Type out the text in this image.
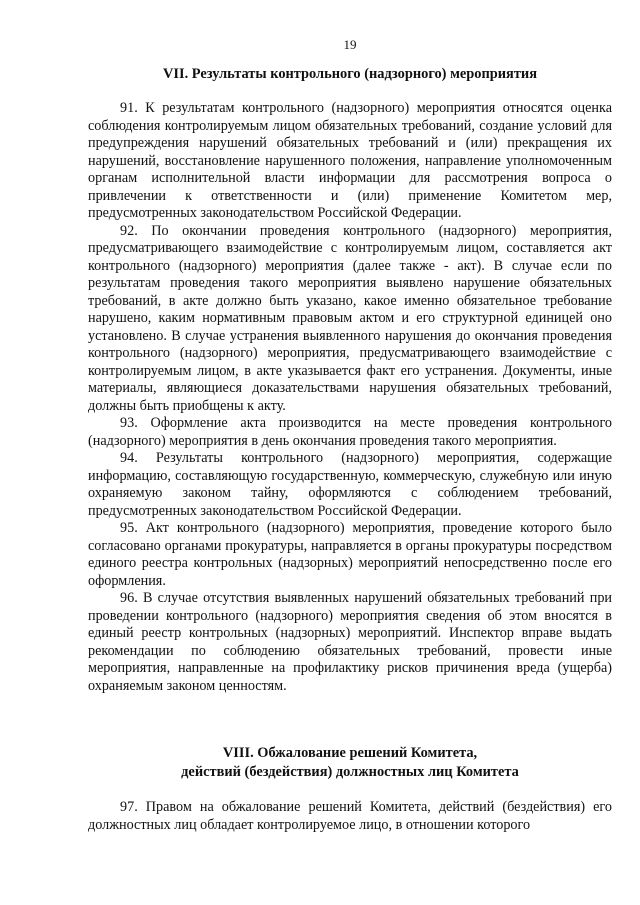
19
VII. Результаты контрольного (надзорного) мероприятия

91. К результатам контрольного (надзорного) мероприятия относятся оценка соблюдения контролируемым лицом обязательных требований, создание условий для предупреждения нарушений обязательных требований и (или) прекращения их нарушений, восстановление нарушенного положения, направление уполномоченным органам исполнительной власти информации для рассмотрения вопроса о привлечении к ответственности и (или) применение Комитетом мер, предусмотренных законодательством Российской Федерации.

92. По окончании проведения контрольного (надзорного) мероприятия, предусматривающего взаимодействие с контролируемым лицом, составляется акт контрольного (надзорного) мероприятия (далее также - акт). В случае если по результатам проведения такого мероприятия выявлено нарушение обязательных требований, в акте должно быть указано, какое именно обязательное требование нарушено, каким нормативным правовым актом и его структурной единицей оно установлено. В случае устранения выявленного нарушения до окончания проведения контрольного (надзорного) мероприятия, предусматривающего взаимодействие с контролируемым лицом, в акте указывается факт его устранения. Документы, иные материалы, являющиеся доказательствами нарушения обязательных требований, должны быть приобщены к акту.

93. Оформление акта производится на месте проведения контрольного (надзорного) мероприятия в день окончания проведения такого мероприятия.

94. Результаты контрольного (надзорного) мероприятия, содержащие информацию, составляющую государственную, коммерческую, служебную или иную охраняемую законом тайну, оформляются с соблюдением требований, предусмотренных законодательством Российской Федерации.

95. Акт контрольного (надзорного) мероприятия, проведение которого было согласовано органами прокуратуры, направляется в органы прокуратуры посредством единого реестра контрольных (надзорных) мероприятий непосредственно после его оформления.

96. В случае отсутствия выявленных нарушений обязательных требований при проведении контрольного (надзорного) мероприятия сведения об этом вносятся в единый реестр контрольных (надзорных) мероприятий. Инспектор вправе выдать рекомендации по соблюдению обязательных требований, провести иные мероприятия, направленные на профилактику рисков причинения вреда (ущерба) охраняемым законом ценностям.

VIII. Обжалование решений Комитета,
действий (бездействия) должностных лиц Комитета

97. Правом на обжалование решений Комитета, действий (бездействия) его должностных лиц обладает контролируемое лицо, в отношении которого
